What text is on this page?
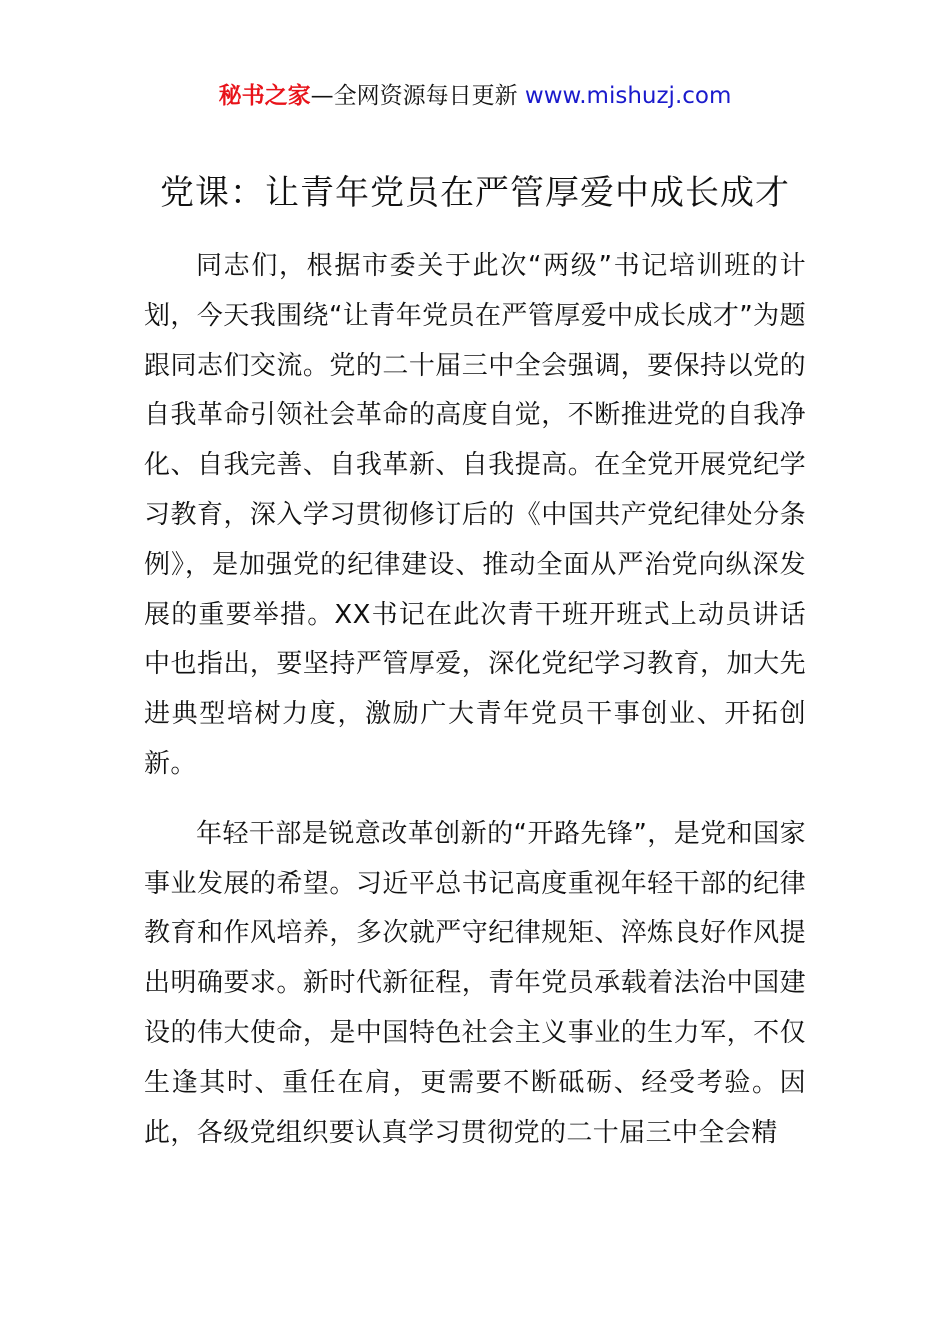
秘书之家—全网资源每日更新 www.mishuzj.com
党课：让青年党员在严管厚爱中成长成才

同志们，根据市委关于此次“两级”书记培训班的计划，今天我围绕“让青年党员在严管厚爱中成长成才”为题跟同志们交流。党的二十届三中全会强调，要保持以党的自我革命引领社会革命的高度自觉，不断推进党的自我净化、自我完善、自我革新、自我提高。在全党开展党纪学习教育，深入学习贯彻修订后的《中国共产党纪律处分条例》，是加强党的纪律建设、推动全面从严治党向纵深发展的重要举措。XX书记在此次青干班开班式上动员讲话中也指出，要坚持严管厚爱，深化党纪学习教育，加大先进典型培树力度，激励广大青年党员干事创业、开拓创新。

年轻干部是锐意改革创新的“开路先锋”，是党和国家事业发展的希望。习近平总书记高度重视年轻干部的纪律教育和作风培养，多次就严守纪律规矩、淬炼良好作风提出明确要求。新时代新征程，青年党员承载着法治中国建设的伟大使命，是中国特色社会主义事业的生力军，不仅生逢其时、重任在肩，更需要不断砥砺、经受考验。因此，各级党组织要认真学习贯彻党的二十届三中全会精
